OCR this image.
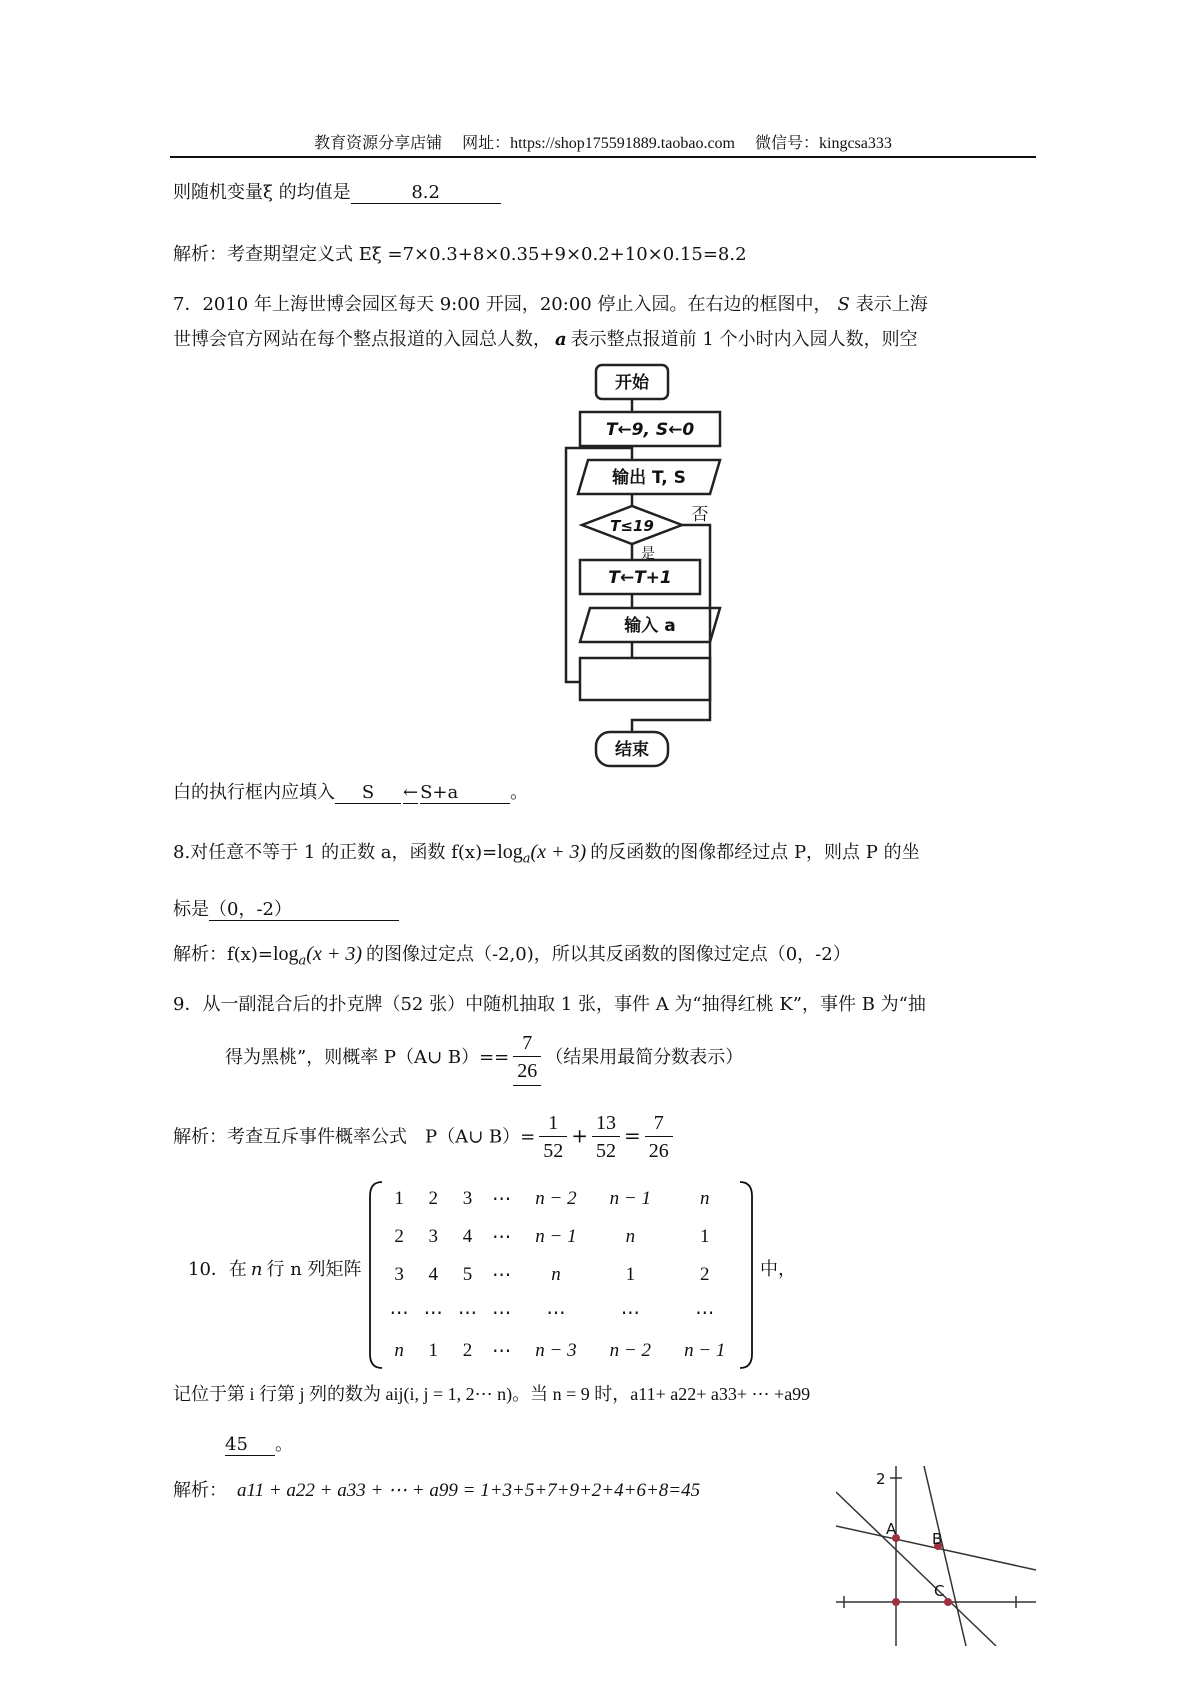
教育资源分享店铺 网址：https://shop175591889.taobao.com 微信号：kingcsa333
则随机变量ξ 的均值是	8.2
解析：考查期望定义式 Eξ =7×0.3+8×0.35+9×0.2+10×0.15=8.2
7．2010 年上海世博会园区每天 9:00 开园，20:00 停止入园。在右边的框图中， S 表示上海
世博会官方网站在每个整点报道的入园总人数， a 表示整点报道前 1 个小时内入园人数，则空
开始
T←9, S←0
输出 T, S
T≤19
否
是
T←T+1
输入 a
结束
白的执行框内应填入 S ← S+a	。
8.对任意不等于 1 的正数 a，函数 $f(x)=\log_a(x + 3)$ 的反函数的图像都经过点 P，则点 P 的坐
标是（0，-2）
解析：$f(x)=\log_a(x + 3)$ 的图像过定点（-2,0)，所以其反函数的图像过定点（0，-2）
9．从一副混合后的扑克牌（52 张）中随机抽取 1 张，事件 A 为“抽得红桃 K”，事件 B 为“抽
得为黑桃”，则概率 P（A∪ $B)== \frac{7}{26}$ （结果用最简分数表示）
解析：考查互斥事件概率公式　P（A∪ $B)= \frac{1}{52} + \frac{13}{52} = \frac{7}{26}$
10．在 n 行 n 列矩阵
1	2	3	⋯	n − 2	n − 1	n
2	3	4	⋯	n − 1	n	1
3	4	5	⋯	n	1	2
⋯	⋯	⋯	⋯	⋯	⋯	⋯
n	1	2	⋯	n − 3	n − 2	n − 1
中，
记位于第 i 行第 j 列的数为 aij(i, j = 1, 2⋯ n)。当 n = 9 时，a11+ a22+ a33+ ⋯ +a99
45 。
解析： a11 + a22 + a33 + ⋯ + a99 = 1+3+5+7+9+2+4+6+8=45
2
A
B
C
